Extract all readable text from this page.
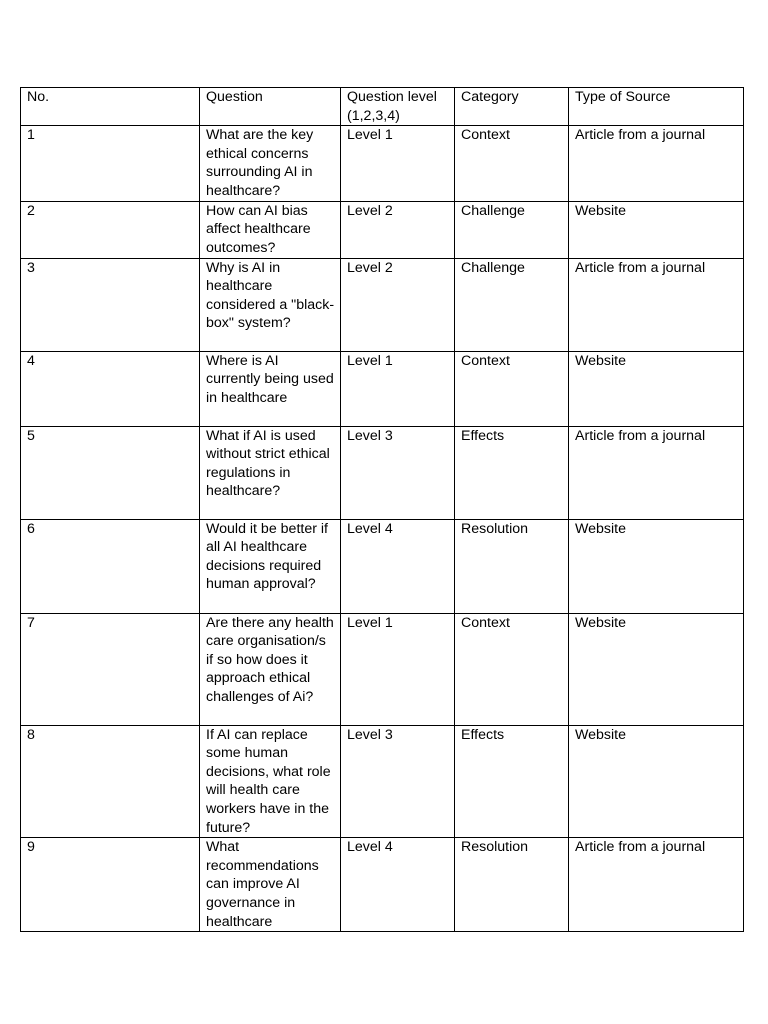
No.	Question	Question level (1,2,3,4)	Category	Type of Source
1	What are the key ethical concerns surrounding AI in healthcare?	Level 1	Context	Article from a journal
2	How can AI bias affect healthcare outcomes?	Level 2	Challenge	Website
3	Why is AI in healthcare considered a "black-box" system?	Level 2	Challenge	Article from a journal
4	Where is AI currently being used in healthcare	Level 1	Context	Website
5	What if AI is used without strict ethical regulations in healthcare?	Level 3	Effects	Article from a journal
6	Would it be better if all AI healthcare decisions required human approval?	Level 4	Resolution	Website
7	Are there any health care organisation/s if so how does it approach ethical challenges of Ai?	Level 1	Context	Website
8	If AI can replace some human decisions, what role will health care workers have in the future?	Level 3	Effects	Website
9	What recommendations can improve AI governance in healthcare	Level 4	Resolution	Article from a journal
